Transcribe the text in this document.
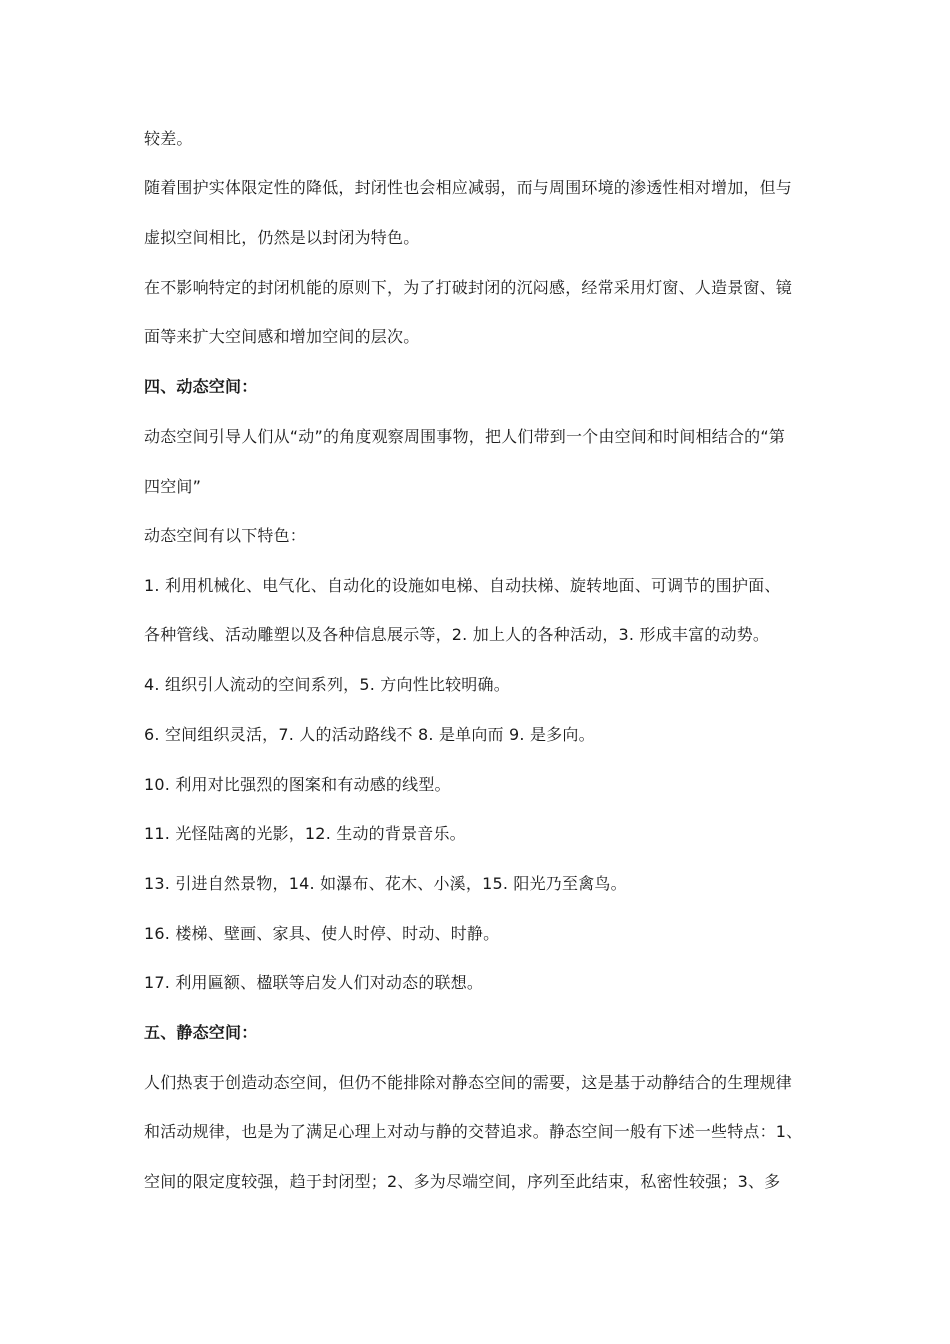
较差。
随着围护实体限定性的降低，封闭性也会相应减弱，而与周围环境的渗透性相对增加，但与
虚拟空间相比，仍然是以封闭为特色。
在不影响特定的封闭机能的原则下，为了打破封闭的沉闷感，经常采用灯窗、人造景窗、镜
面等来扩大空间感和增加空间的层次。
四、动态空间：
动态空间引导人们从“动”的角度观察周围事物，把人们带到一个由空间和时间相结合的“第
四空间”
动态空间有以下特色：
1. 利用机械化、电气化、自动化的设施如电梯、自动扶梯、旋转地面、可调节的围护面、
各种管线、活动雕塑以及各种信息展示等，2. 加上人的各种活动，3. 形成丰富的动势。
4. 组织引人流动的空间系列，5. 方向性比较明确。
6. 空间组织灵活，7. 人的活动路线不 8. 是单向而 9. 是多向。
10. 利用对比强烈的图案和有动感的线型。
11. 光怪陆离的光影，12. 生动的背景音乐。
13. 引进自然景物，14. 如瀑布、花木、小溪，15. 阳光乃至禽鸟。
16. 楼梯、壁画、家具、使人时停、时动、时静。
17. 利用匾额、楹联等启发人们对动态的联想。
五、静态空间：
人们热衷于创造动态空间，但仍不能排除对静态空间的需要，这是基于动静结合的生理规律
和活动规律，也是为了满足心理上对动与静的交替追求。静态空间一般有下述一些特点：1、
空间的限定度较强，趋于封闭型；2、多为尽端空间，序列至此结束，私密性较强；3、多
